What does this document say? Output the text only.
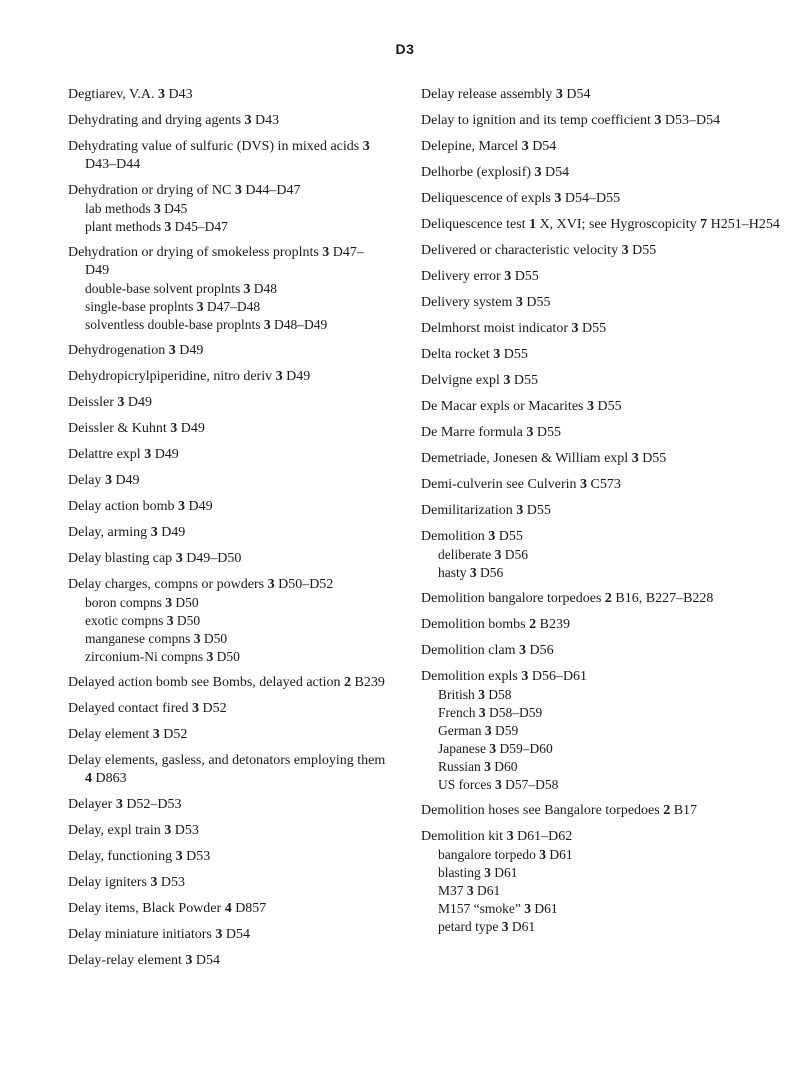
D3
Degtiarev, V.A. 3 D43
Dehydrating and drying agents 3 D43
Dehydrating value of sulfuric (DVS) in mixed acids 3 D43–D44
Dehydration or drying of NC 3 D44–D47
lab methods 3 D45
plant methods 3 D45–D47
Dehydration or drying of smokeless proplnts 3 D47–D49
double-base solvent proplnts 3 D48
single-base proplnts 3 D47–D48
solventless double-base proplnts 3 D48–D49
Dehydrogenation 3 D49
Dehydropicrylpiperidine, nitro deriv 3 D49
Deissler 3 D49
Deissler & Kuhnt 3 D49
Delattre expl 3 D49
Delay 3 D49
Delay action bomb 3 D49
Delay, arming 3 D49
Delay blasting cap 3 D49–D50
Delay charges, compns or powders 3 D50–D52
boron compns 3 D50
exotic compns 3 D50
manganese compns 3 D50
zirconium-Ni compns 3 D50
Delayed action bomb see Bombs, delayed action 2 B239
Delayed contact fired 3 D52
Delay element 3 D52
Delay elements, gasless, and detonators employing them 4 D863
Delayer 3 D52–D53
Delay, expl train 3 D53
Delay, functioning 3 D53
Delay igniters 3 D53
Delay items, Black Powder 4 D857
Delay miniature initiators 3 D54
Delay-relay element 3 D54
Delay release assembly 3 D54
Delay to ignition and its temp coefficient 3 D53–D54
Delepine, Marcel 3 D54
Delhorbe (explosif) 3 D54
Deliquescence of expls 3 D54–D55
Deliquescence test 1 X, XVI; see Hygroscopicity 7 H251–H254
Delivered or characteristic velocity 3 D55
Delivery error 3 D55
Delivery system 3 D55
Delmhorst moist indicator 3 D55
Delta rocket 3 D55
Delvigne expl 3 D55
De Macar expls or Macarites 3 D55
De Marre formula 3 D55
Demetriade, Jonesen & William expl 3 D55
Demi-culverin see Culverin 3 C573
Demilitarization 3 D55
Demolition 3 D55
deliberate 3 D56
hasty 3 D56
Demolition bangalore torpedoes 2 B16, B227–B228
Demolition bombs 2 B239
Demolition clam 3 D56
Demolition expls 3 D56–D61
British 3 D58
French 3 D58–D59
German 3 D59
Japanese 3 D59–D60
Russian 3 D60
US forces 3 D57–D58
Demolition hoses see Bangalore torpedoes 2 B17
Demolition kit 3 D61–D62
bangalore torpedo 3 D61
blasting 3 D61
M37 3 D61
M157 “smoke” 3 D61
petard type 3 D61
